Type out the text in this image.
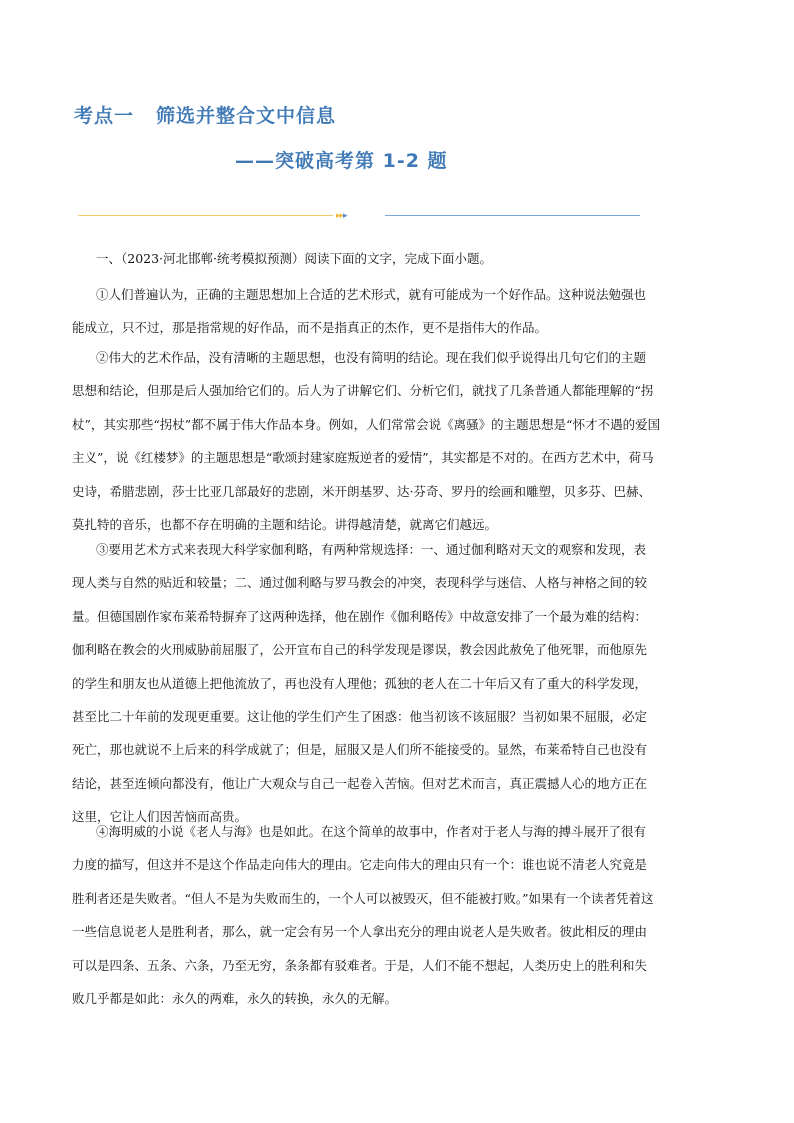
考点一 筛选并整合文中信息
——突破高考第 1-2 题
▸▸▸
一、（2023·河北邯郸·统考模拟预测）阅读下面的文字，完成下面小题。
①人们普遍认为，正确的主题思想加上合适的艺术形式，就有可能成为一个好作品。这种说法勉强也
能成立，只不过，那是指常规的好作品，而不是指真正的杰作，更不是指伟大的作品。
②伟大的艺术作品，没有清晰的主题思想，也没有简明的结论。现在我们似乎说得出几句它们的主题
思想和结论，但那是后人强加给它们的。后人为了讲解它们、分析它们，就找了几条普通人都能理解的“拐
杖”，其实那些“拐杖”都不属于伟大作品本身。例如，人们常常会说《离骚》的主题思想是“怀才不遇的爱国
主义”，说《红楼梦》的主题思想是“歌颂封建家庭叛逆者的爱情”，其实都是不对的。在西方艺术中，荷马
史诗，希腊悲剧，莎士比亚几部最好的悲剧，米开朗基罗、达·芬奇、罗丹的绘画和雕塑，贝多芬、巴赫、
莫扎特的音乐，也都不存在明确的主题和结论。讲得越清楚，就离它们越远。
③要用艺术方式来表现大科学家伽利略，有两种常规选择：一、通过伽利略对天文的观察和发现，表
现人类与自然的贴近和较量；二、通过伽利略与罗马教会的冲突，表现科学与迷信、人格与神格之间的较
量。但德国剧作家布莱希特摒弃了这两种选择，他在剧作《伽利略传》中故意安排了一个最为难的结构：
伽利略在教会的火刑威胁前屈服了，公开宣布自己的科学发现是谬误，教会因此赦免了他死罪，而他原先
的学生和朋友也从道德上把他流放了，再也没有人理他；孤独的老人在二十年后又有了重大的科学发现，
甚至比二十年前的发现更重要。这让他的学生们产生了困惑：他当初该不该屈服？当初如果不屈服，必定
死亡，那也就说不上后来的科学成就了；但是，屈服又是人们所不能接受的。显然，布莱希特自己也没有
结论，甚至连倾向都没有，他让广大观众与自己一起卷入苦恼。但对艺术而言，真正震撼人心的地方正在
这里，它让人们因苦恼而高贵。
④海明威的小说《老人与海》也是如此。在这个简单的故事中，作者对于老人与海的搏斗展开了很有
力度的描写，但这并不是这个作品走向伟大的理由。它走向伟大的理由只有一个：谁也说不清老人究竟是
胜利者还是失败者。“但人不是为失败而生的，一个人可以被毁灭，但不能被打败。”如果有一个读者凭着这
一些信息说老人是胜利者，那么，就一定会有另一个人拿出充分的理由说老人是失败者。彼此相反的理由
可以是四条、五条、六条，乃至无穷，条条都有驳难者。于是，人们不能不想起，人类历史上的胜利和失
败几乎都是如此：永久的两难，永久的转换，永久的无解。
